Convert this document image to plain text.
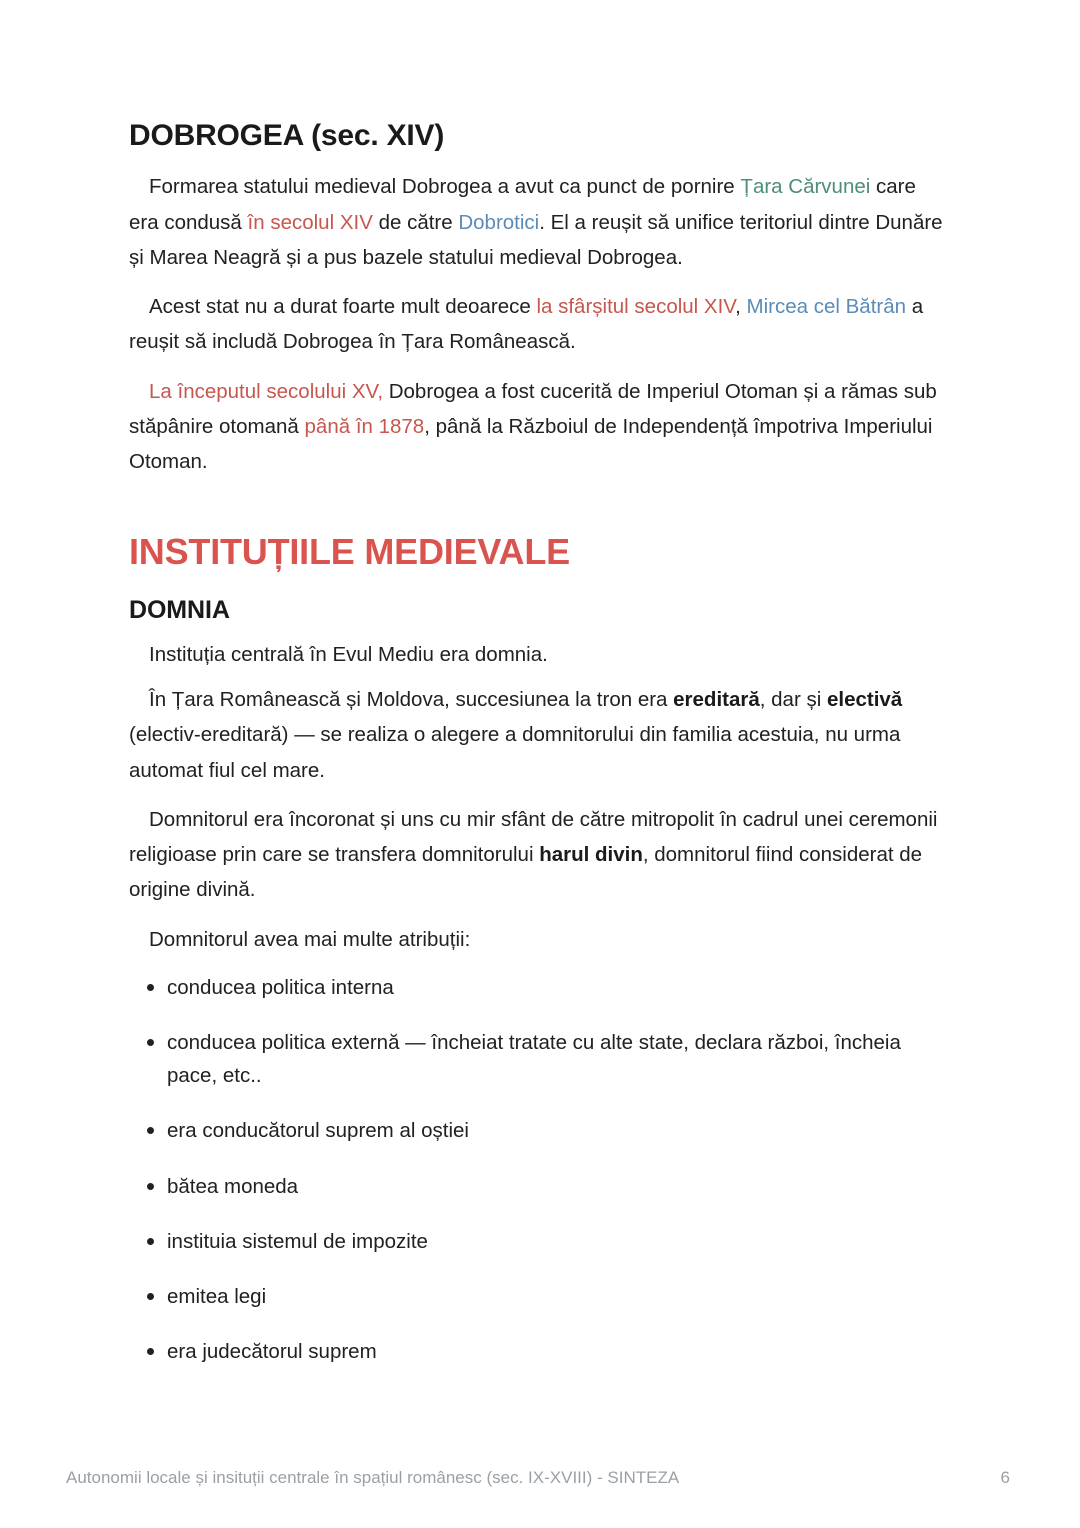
DOBROGEA (sec. XIV)

Formarea statului medieval Dobrogea a avut ca punct de pornire Țara Cărvunei care era condusă în secolul XIV de către Dobrotici. El a reușit să unifice teritoriul dintre Dunăre și Marea Neagră și a pus bazele statului medieval Dobrogea.

Acest stat nu a durat foarte mult deoarece la sfârșitul secolul XIV, Mircea cel Bătrân a reușit să includă Dobrogea în Țara Românească.

La începutul secolului XV, Dobrogea a fost cucerită de Imperiul Otoman și a rămas sub stăpânire otomană până în 1878, până la Războiul de Independență împotriva Imperiului Otoman.

INSTITUȚIILE MEDIEVALE
DOMNIA

Instituția centrală în Evul Mediu era domnia.

În Țara Românească și Moldova, succesiunea la tron era ereditară, dar și electivă (electiv-ereditară) — se realiza o alegere a domnitorului din familia acestuia, nu urma automat fiul cel mare.

Domnitorul era încoronat și uns cu mir sfânt de către mitropolit în cadrul unei ceremonii religioase prin care se transfera domnitorului harul divin, domnitorul fiind considerat de origine divină.

Domnitorul avea mai multe atribuții:

conducea politica interna
conducea politica externă — încheiat tratate cu alte state, declara război, încheia pace, etc..
era conducătorul suprem al oștiei
bătea moneda
instituia sistemul de impozite
emitea legi
era judecătorul suprem
Autonomii locale și insituții centrale în spațiul românesc (sec. IX-XVIII) - SINTEZA	6
